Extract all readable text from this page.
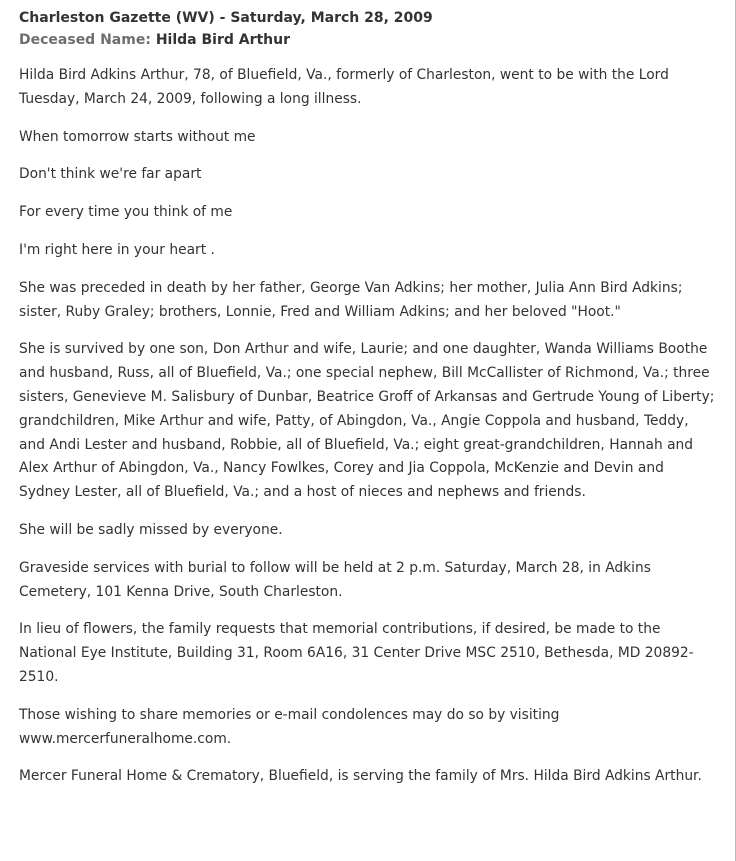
Charleston Gazette (WV) - Saturday, March 28, 2009
Deceased Name: Hilda Bird Arthur

Hilda Bird Adkins Arthur, 78, of Bluefield, Va., formerly of Charleston, went to be with the Lord Tuesday, March 24, 2009, following a long illness.

When tomorrow starts without me

Don't think we're far apart

For every time you think of me

I'm right here in your heart .

She was preceded in death by her father, George Van Adkins; her mother, Julia Ann Bird Adkins; sister, Ruby Graley; brothers, Lonnie, Fred and William Adkins; and her beloved "Hoot."

She is survived by one son, Don Arthur and wife, Laurie; and one daughter, Wanda Williams Boothe and husband, Russ, all of Bluefield, Va.; one special nephew, Bill McCallister of Richmond, Va.; three sisters, Genevieve M. Salisbury of Dunbar, Beatrice Groff of Arkansas and Gertrude Young of Liberty; grandchildren, Mike Arthur and wife, Patty, of Abingdon, Va., Angie Coppola and husband, Teddy, and Andi Lester and husband, Robbie, all of Bluefield, Va.; eight great-grandchildren, Hannah and Alex Arthur of Abingdon, Va., Nancy Fowlkes, Corey and Jia Coppola, McKenzie and Devin and Sydney Lester, all of Bluefield, Va.; and a host of nieces and nephews and friends.

She will be sadly missed by everyone.

Graveside services with burial to follow will be held at 2 p.m. Saturday, March 28, in Adkins Cemetery, 101 Kenna Drive, South Charleston.

In lieu of flowers, the family requests that memorial contributions, if desired, be made to the National Eye Institute, Building 31, Room 6A16, 31 Center Drive MSC 2510, Bethesda, MD 20892-2510.

Those wishing to share memories or e-mail condolences may do so by visiting www.mercerfuneralhome.com.

Mercer Funeral Home & Crematory, Bluefield, is serving the family of Mrs. Hilda Bird Adkins Arthur.
